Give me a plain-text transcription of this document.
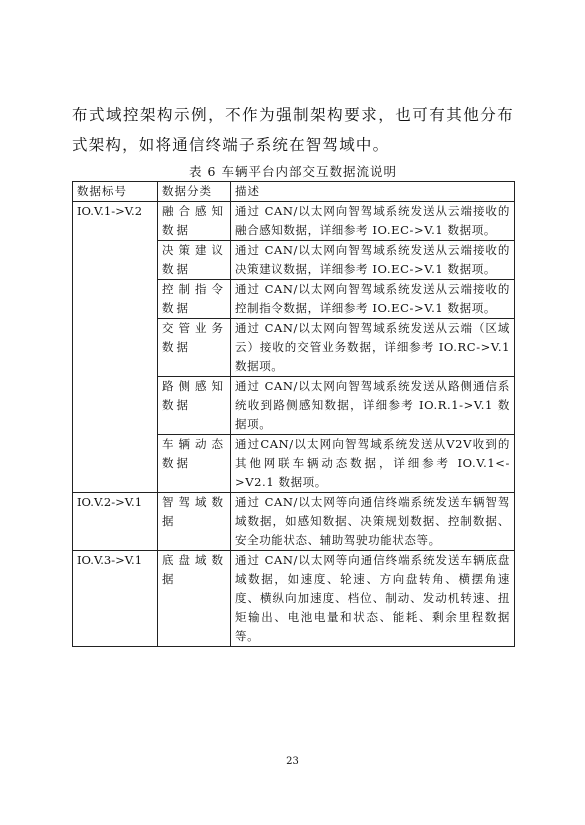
布式域控架构示例，不作为强制架构要求，也可有其他分布式架构，如将通信终端子系统在智驾域中。

表 6 车辆平台内部交互数据流说明
数据标号	数据分类	描述
IO.V.1->V.2	融合感知数据	通过 CAN/以太网向智驾域系统发送从云端接收的融合感知数据，详细参考 IO.EC->V.1 数据项。
	决策建议数据	通过 CAN/以太网向智驾域系统发送从云端接收的决策建议数据，详细参考 IO.EC->V.1 数据项。
	控制指令数据	通过 CAN/以太网向智驾域系统发送从云端接收的控制指令数据，详细参考 IO.EC->V.1 数据项。
	交管业务数据	通过 CAN/以太网向智驾域系统发送从云端（区域云）接收的交管业务数据，详细参考 IO.RC->V.1 数据项。
	路侧感知数据	通过 CAN/以太网向智驾域系统发送从路侧通信系统收到路侧感知数据，详细参考 IO.R.1->V.1 数据项。
	车辆动态数据	通过CAN/以太网向智驾域系统发送从V2V收到的其他网联车辆动态数据，详细参考 IO.V.1<->V2.1 数据项。
IO.V.2->V.1	智驾域数据	通过 CAN/以太网等向通信终端系统发送车辆智驾域数据，如感知数据、决策规划数据、控制数据、安全功能状态、辅助驾驶功能状态等。
IO.V.3->V.1	底盘域数据	通过 CAN/以太网等向通信终端系统发送车辆底盘域数据，如速度、轮速、方向盘转角、横摆角速度、横纵向加速度、档位、制动、发动机转速、扭矩输出、电池电量和状态、能耗、剩余里程数据等。
23
